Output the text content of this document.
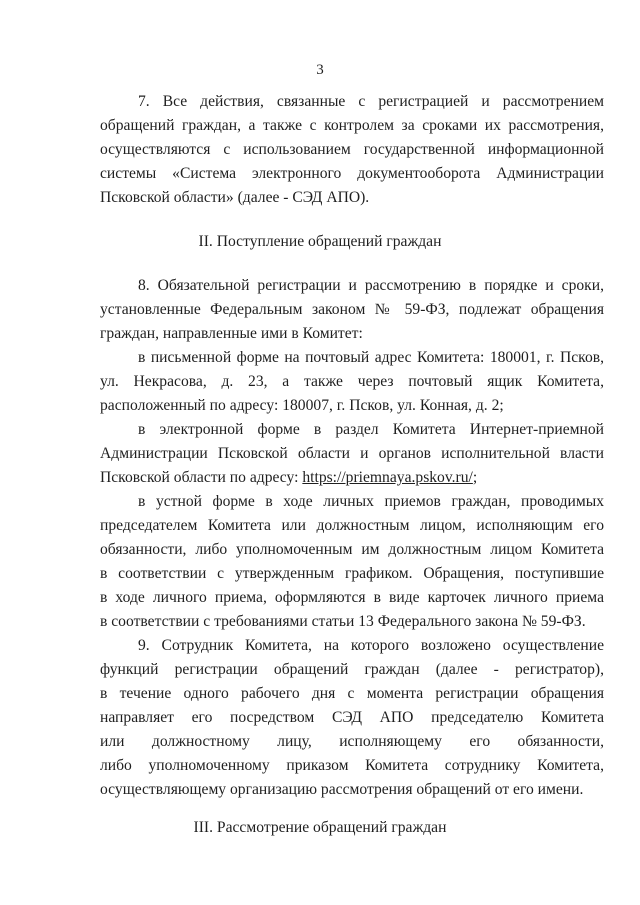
3
7. Все действия, связанные с регистрацией и рассмотрением
обращений граждан, а также с контролем за сроками их рассмотрения,
осуществляются с использованием государственной информационной
системы «Система электронного документооборота Администрации
Псковской области» (далее - СЭД АПО).
II. Поступление обращений граждан
8. Обязательной регистрации и рассмотрению в порядке и сроки,
установленные Федеральным законом № 59-ФЗ, подлежат обращения
граждан, направленные ими в Комитет:
в письменной форме на почтовый адрес Комитета: 180001, г. Псков,
ул. Некрасова, д. 23, а также через почтовый ящик Комитета,
расположенный по адресу: 180007, г. Псков, ул. Конная, д. 2;
в электронной форме в раздел Комитета Интернет-приемной
Администрации Псковской области и органов исполнительной власти
Псковской области по адресу: https://priemnaya.pskov.ru/;
в устной форме в ходе личных приемов граждан, проводимых
председателем Комитета или должностным лицом, исполняющим его
обязанности, либо уполномоченным им должностным лицом Комитета
в соответствии с утвержденным графиком. Обращения, поступившие
в ходе личного приема, оформляются в виде карточек личного приема
в соответствии с требованиями статьи 13 Федерального закона № 59-ФЗ.
9. Сотрудник Комитета, на которого возложено осуществление
функций регистрации обращений граждан (далее - регистратор),
в течение одного рабочего дня с момента регистрации обращения
направляет его посредством СЭД АПО председателю Комитета
или должностному лицу, исполняющему его обязанности,
либо уполномоченному приказом Комитета сотруднику Комитета,
осуществляющему организацию рассмотрения обращений от его имени.
III. Рассмотрение обращений граждан
